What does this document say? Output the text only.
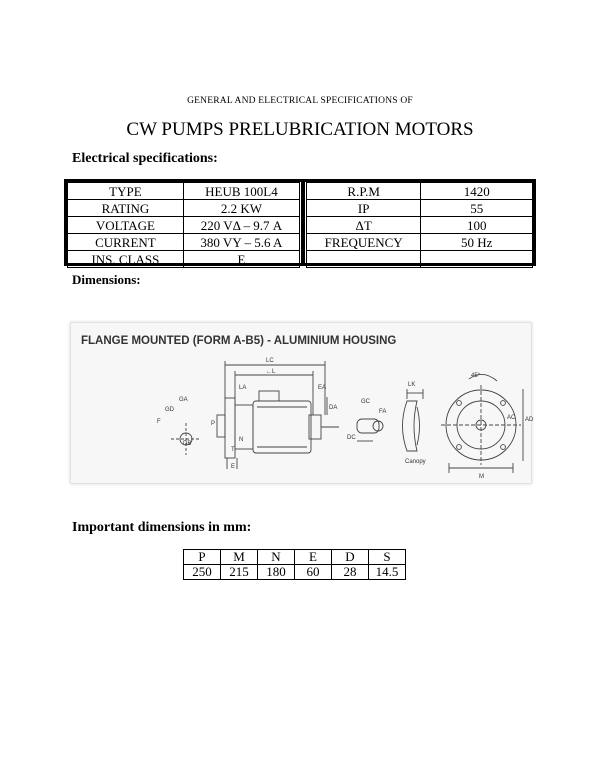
GENERAL AND ELECTRICAL SPECIFICATIONS OF
CW PUMPS PRELUBRICATION MOTORS
Electrical specifications:
TYPE	HEUB 100L4
RATING	2.2 KW
VOLTAGE	220 VΔ – 9.7 A
CURRENT	380 VY – 5.6 A
INS. CLASS	E
R.P.M	1420
IP	55
ΔT	100
FREQUENCY	50 Hz

Dimensions:
FLANGE MOUNTED (FORM A-B5) - ALUMINIUM HOUSING
LC
←L
LA	EA
GA
GD
F
DB
P
N
DA
GC
FA
DC
T
E
LK
Canopy
45°
M
AC AD
Important dimensions in mm:
P	M	N	E	D	S
250	215	180	60	28	14.5
